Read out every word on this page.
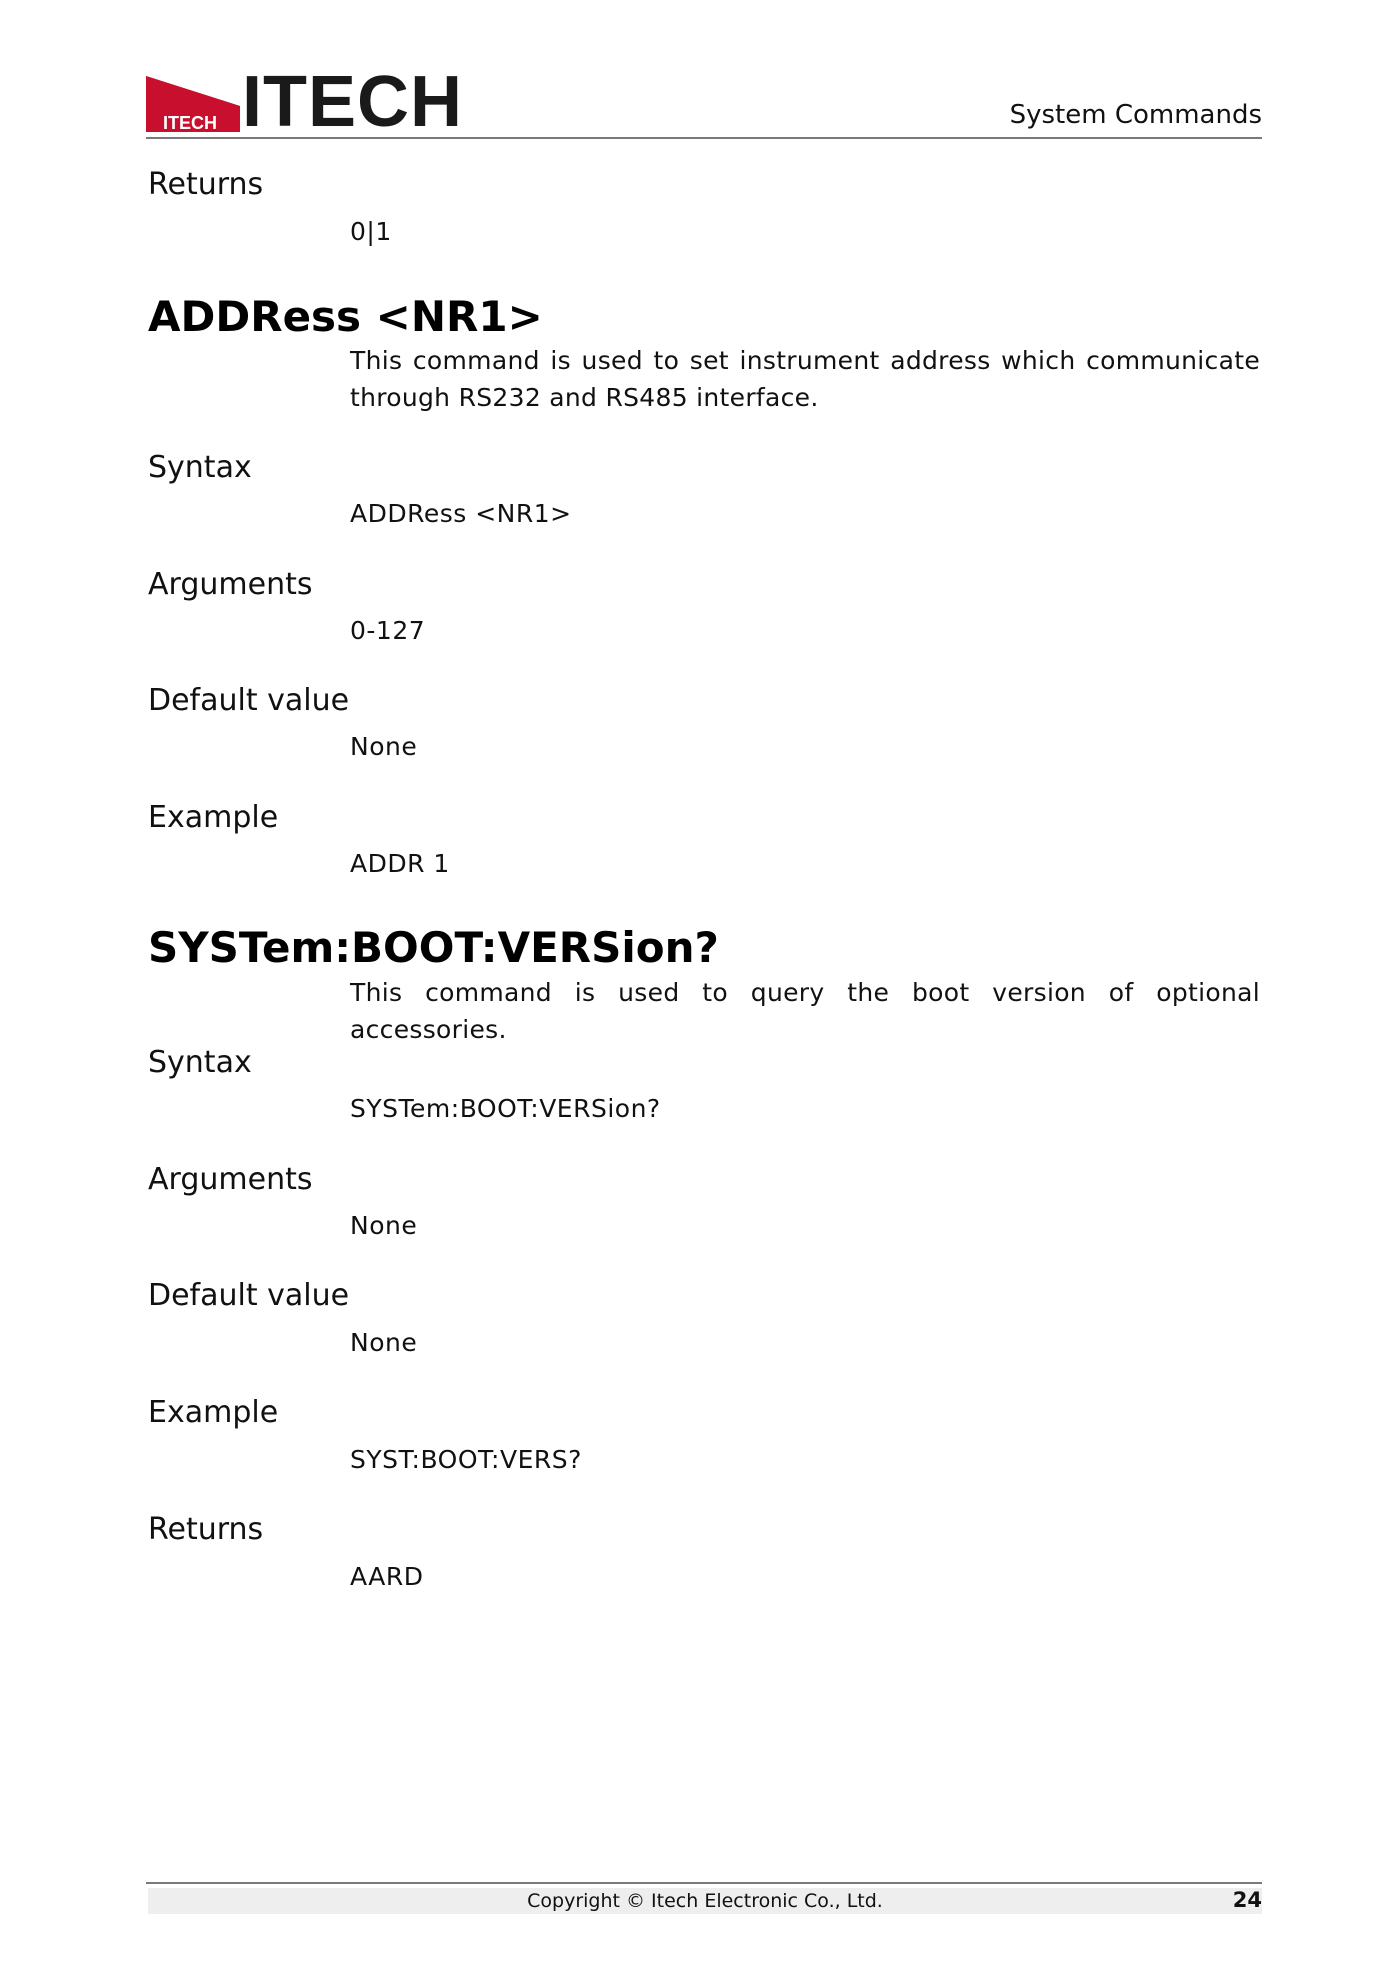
ITECH ITECH	System Commands
Returns
0|1
ADDRess <NR1>
This command is used to set instrument address which communicate through RS232 and RS485 interface.
Syntax
ADDRess <NR1>
Arguments
0-127
Default value
None
Example
ADDR 1
SYSTem:BOOT:VERSion?
This command is used to query the boot version of optional accessories.
Syntax
SYSTem:BOOT:VERSion?
Arguments
None
Default value
None
Example
SYST:BOOT:VERS?
Returns
AARD
Copyright © Itech Electronic Co., Ltd.	24
